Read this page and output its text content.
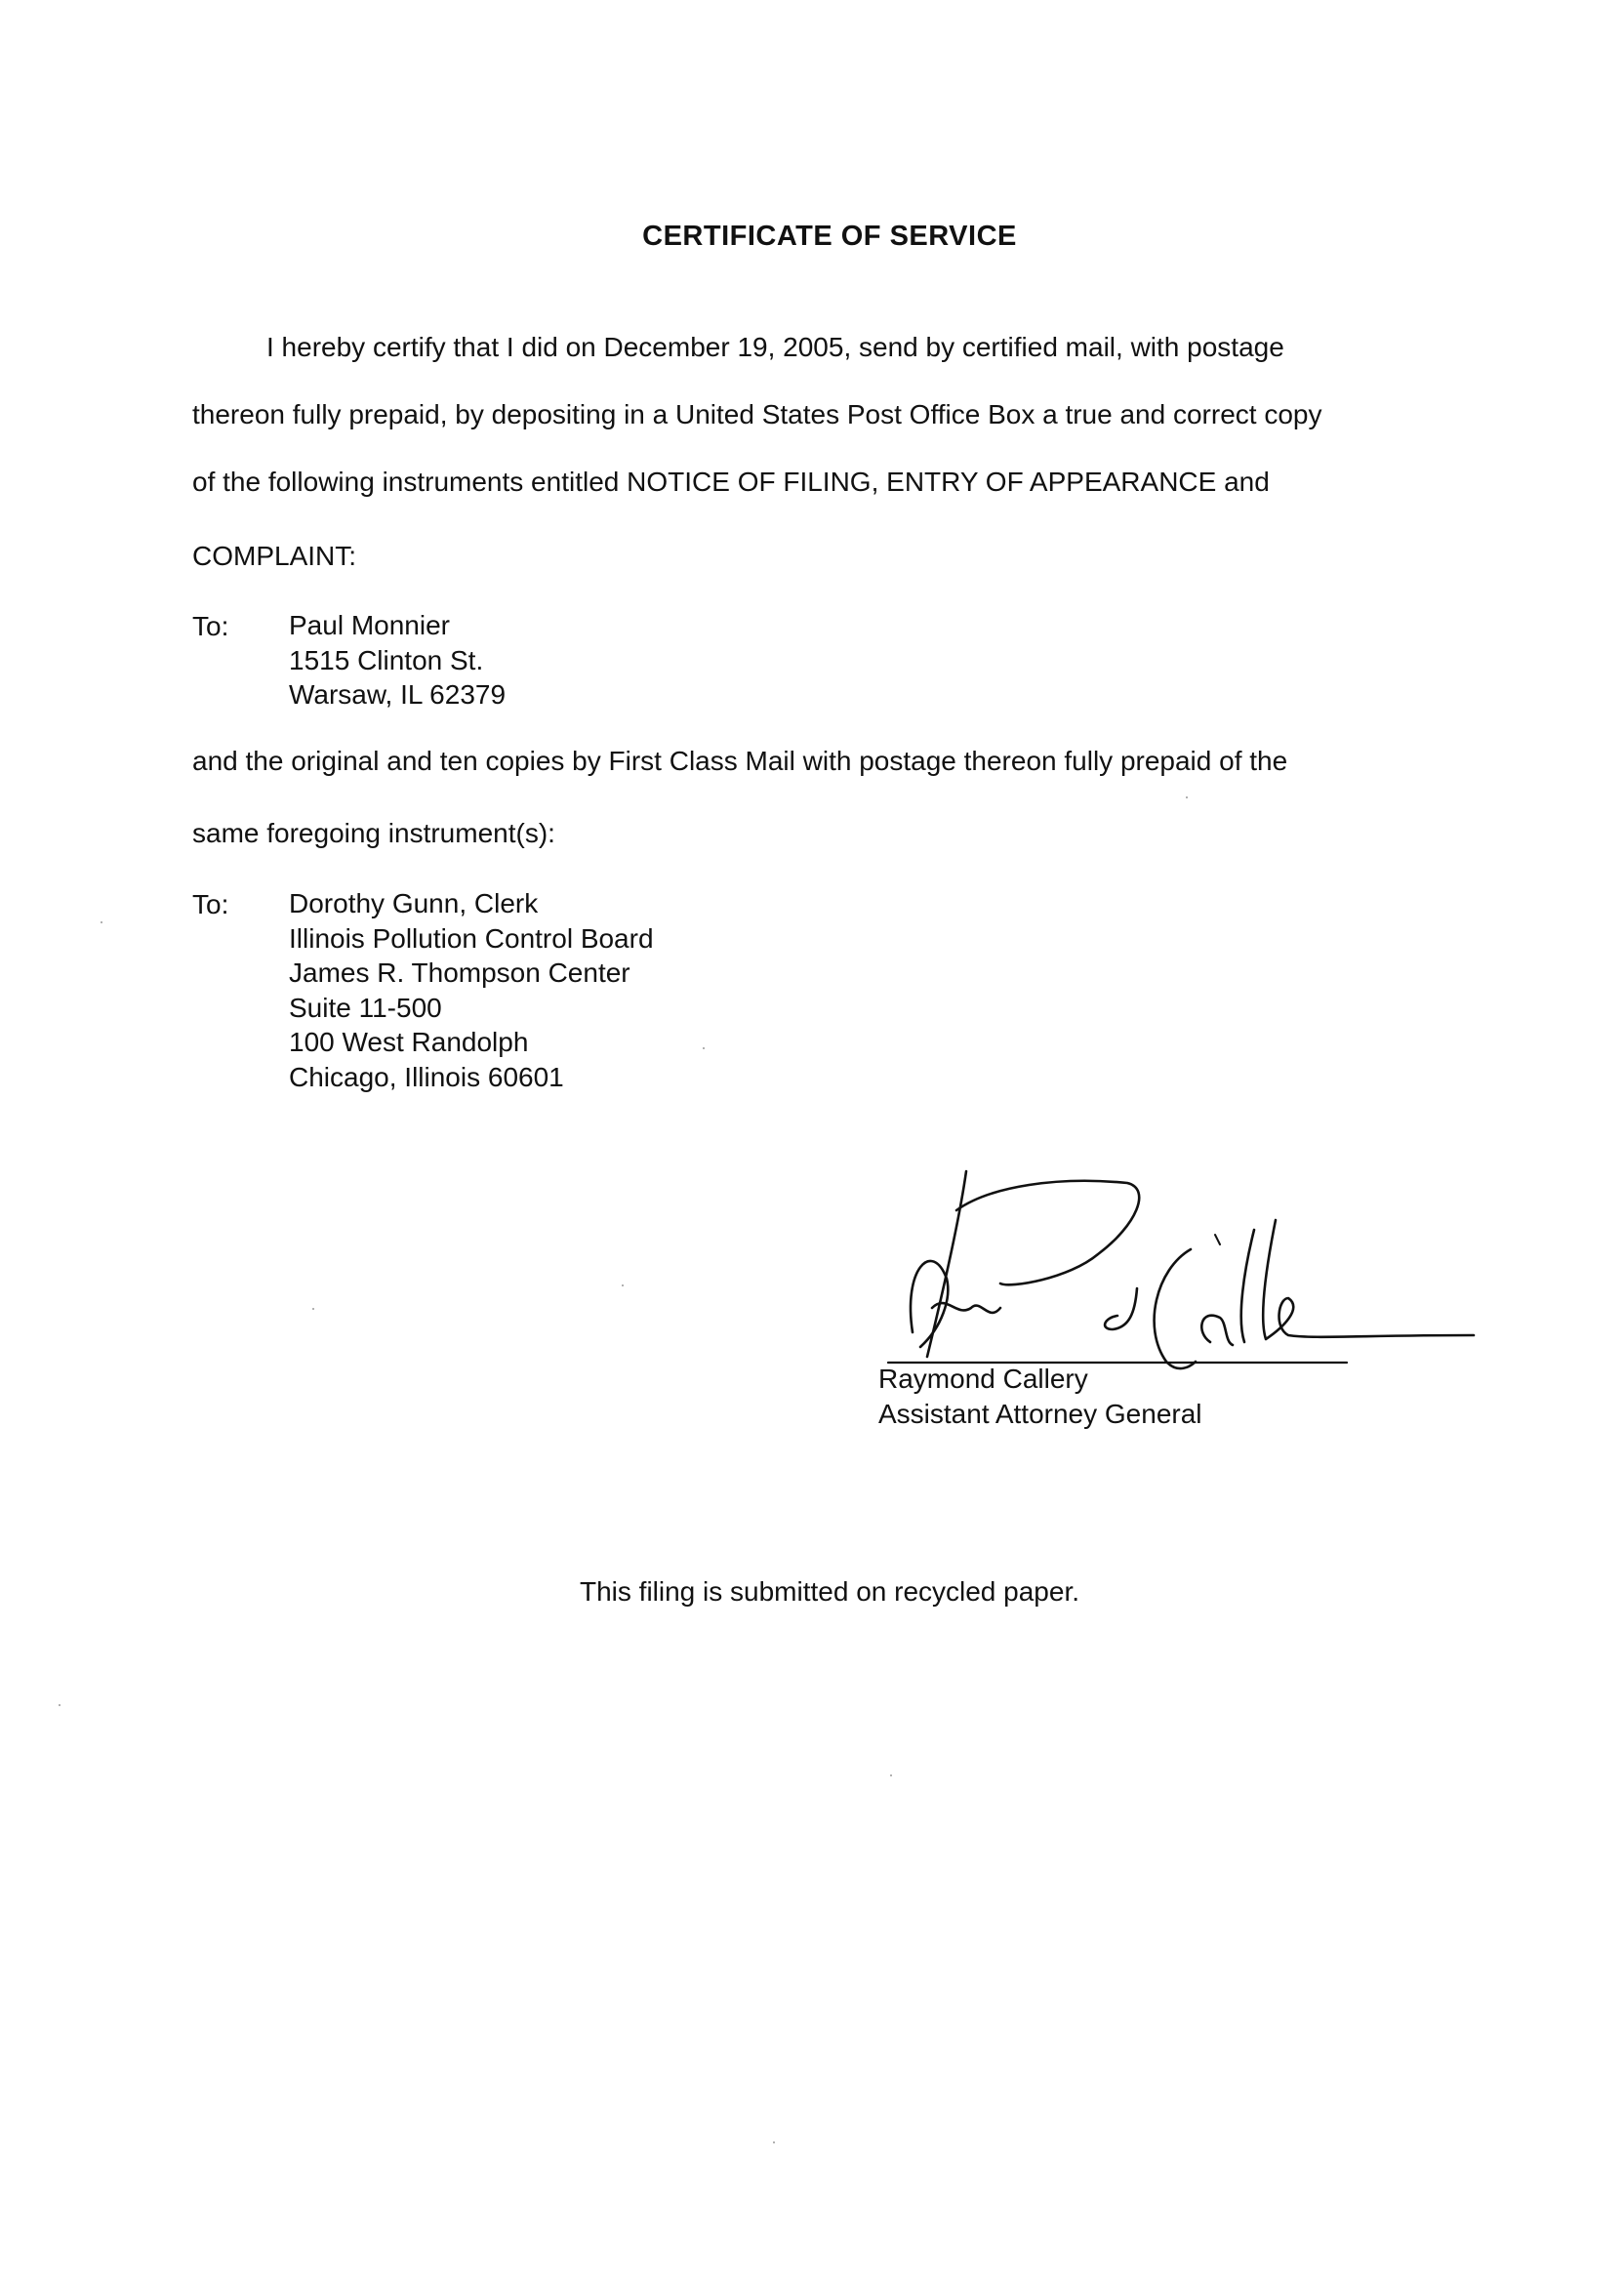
CERTIFICATE OF SERVICE
I hereby certify that I did on December 19, 2005, send by certified mail, with postage
thereon fully prepaid, by depositing in a United States Post Office Box a true and correct copy
of the following instruments entitled NOTICE OF FILING, ENTRY OF APPEARANCE and
COMPLAINT:
To: Paul Monnier
1515 Clinton St.
Warsaw, IL 62379
and the original and ten copies by First Class Mail with postage thereon fully prepaid of the
same foregoing instrument(s):
To: Dorothy Gunn, Clerk
Illinois Pollution Control Board
James R. Thompson Center
Suite 11-500
100 West Randolph
Chicago, Illinois 60601
Raymond Callery
Assistant Attorney General
This filing is submitted on recycled paper.
